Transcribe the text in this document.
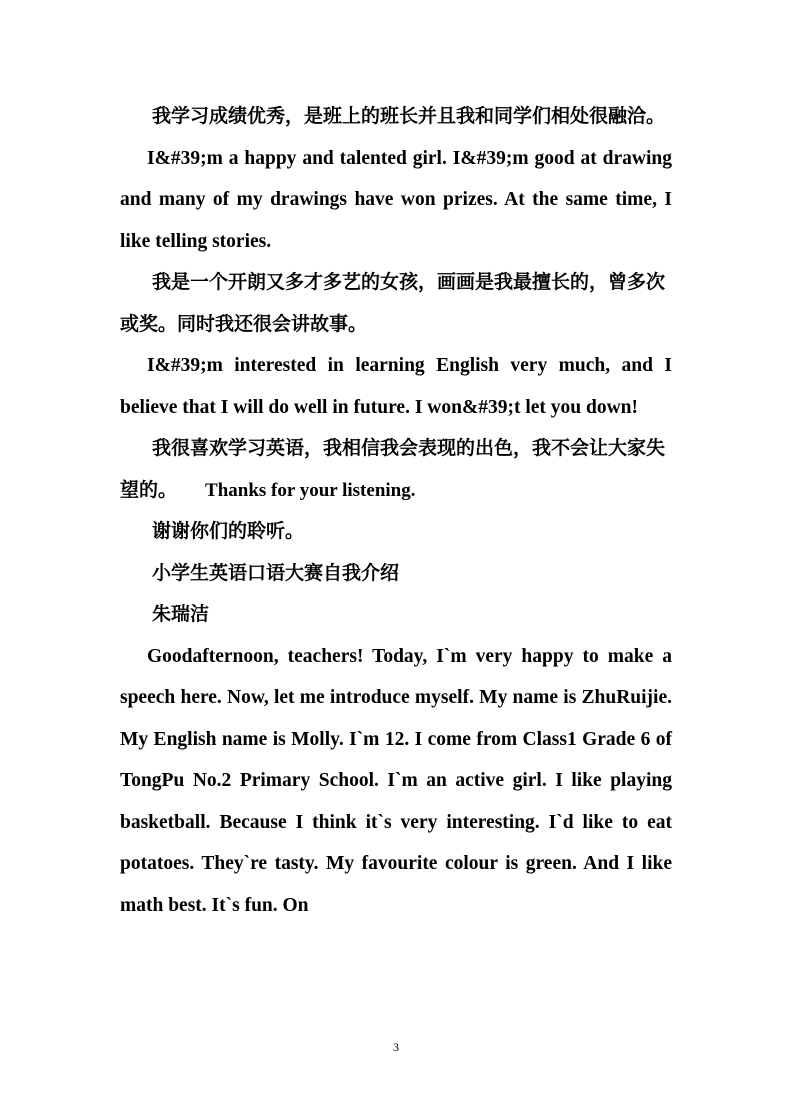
我学习成绩优秀，是班上的班长并且我和同学们相处很融洽。

I&#39;m a happy and talented girl. I&#39;m good at drawing and many of my drawings have won prizes. At the same time, I like telling stories.

我是一个开朗又多才多艺的女孩，画画是我最擅长的，曾多次或奖。同时我还很会讲故事。

I&#39;m interested in learning English very much, and I believe that I will do well in future. I won&#39;t let you down!

我很喜欢学习英语，我相信我会表现的出色，我不会让大家失望的。 Thanks for your listening.

谢谢你们的聆听。

小学生英语口语大赛自我介绍

朱瑞洁

Goodafternoon, teachers! Today, I`m very happy to make a speech here. Now, let me introduce myself. My name is ZhuRuijie. My English name is Molly. I`m 12. I come from Class1 Grade 6 of TongPu No.2 Primary School. I`m an active girl. I like playing basketball. Because I think it`s very interesting. I`d like to eat potatoes. They`re tasty. My favourite colour is green. And I like math best. It`s fun. On

3
